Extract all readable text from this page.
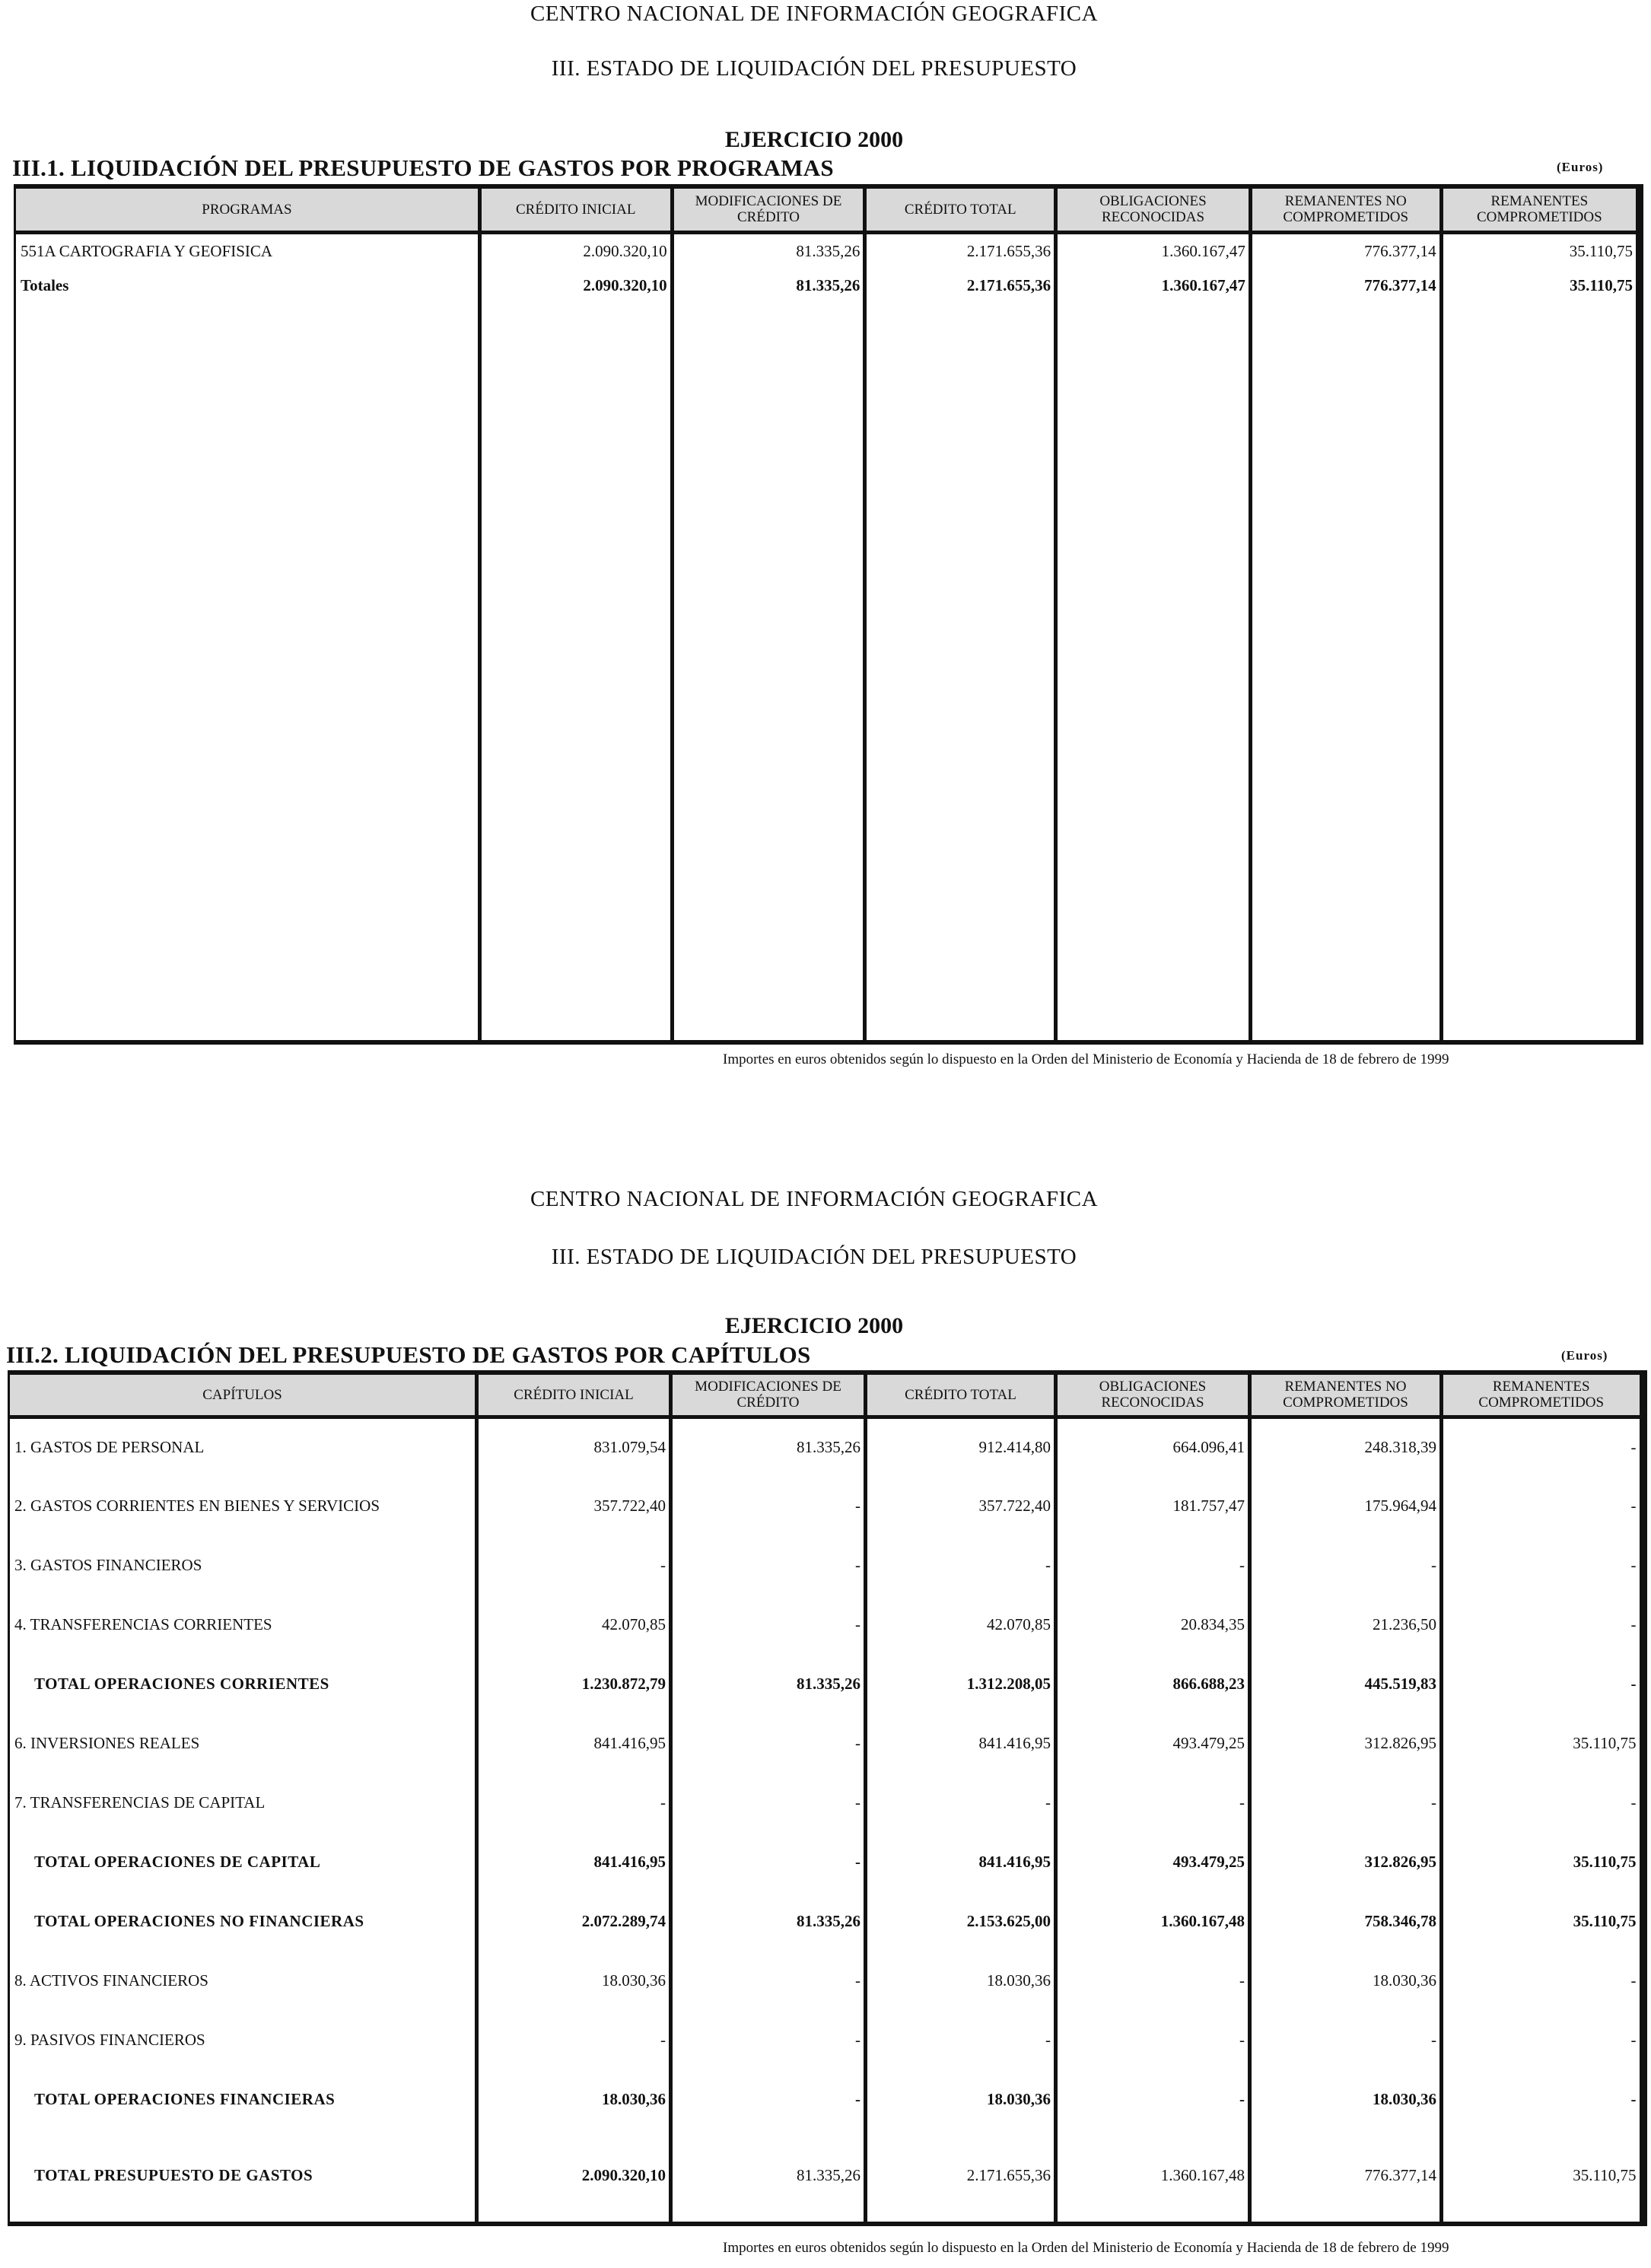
CENTRO NACIONAL DE INFORMACIÓN GEOGRAFICA
III. ESTADO DE LIQUIDACIÓN DEL PRESUPUESTO
EJERCICIO 2000
III.1. LIQUIDACIÓN DEL PRESUPUESTO DE GASTOS POR PROGRAMAS	(Euros)
PROGRAMAS	CRÉDITO INICIAL	MODIFICACIONES DE CRÉDITO	CRÉDITO TOTAL	OBLIGACIONES RECONOCIDAS	REMANENTES NO COMPROMETIDOS	REMANENTES COMPROMETIDOS
551A CARTOGRAFIA Y GEOFISICA	2.090.320,10	81.335,26	2.171.655,36	1.360.167,47	776.377,14	35.110,75
Totales	2.090.320,10	81.335,26	2.171.655,36	1.360.167,47	776.377,14	35.110,75

Importes en euros obtenidos según lo dispuesto en la Orden del Ministerio de Economía y Hacienda de 18 de febrero de 1999
CENTRO NACIONAL DE INFORMACIÓN GEOGRAFICA
III. ESTADO DE LIQUIDACIÓN DEL PRESUPUESTO
EJERCICIO 2000
III.2. LIQUIDACIÓN DEL PRESUPUESTO DE GASTOS POR CAPÍTULOS	(Euros)
CAPÍTULOS	CRÉDITO INICIAL	MODIFICACIONES DE CRÉDITO	CRÉDITO TOTAL	OBLIGACIONES RECONOCIDAS	REMANENTES NO COMPROMETIDOS	REMANENTES COMPROMETIDOS
1. GASTOS DE PERSONAL	831.079,54	81.335,26	912.414,80	664.096,41	248.318,39	-
2. GASTOS CORRIENTES EN BIENES Y SERVICIOS	357.722,40	-	357.722,40	181.757,47	175.964,94	-
3. GASTOS FINANCIEROS	-	-	-	-	-	-
4. TRANSFERENCIAS CORRIENTES	42.070,85	-	42.070,85	20.834,35	21.236,50	-
TOTAL OPERACIONES CORRIENTES	1.230.872,79	81.335,26	1.312.208,05	866.688,23	445.519,83	-
6. INVERSIONES REALES	841.416,95	-	841.416,95	493.479,25	312.826,95	35.110,75
7. TRANSFERENCIAS DE CAPITAL	-	-	-	-	-	-
TOTAL OPERACIONES DE CAPITAL	841.416,95	-	841.416,95	493.479,25	312.826,95	35.110,75
TOTAL OPERACIONES NO FINANCIERAS	2.072.289,74	81.335,26	2.153.625,00	1.360.167,48	758.346,78	35.110,75
8. ACTIVOS FINANCIEROS	18.030,36	-	18.030,36	-	18.030,36	-
9. PASIVOS FINANCIEROS	-	-	-	-	-	-
TOTAL OPERACIONES FINANCIERAS	18.030,36	-	18.030,36	-	18.030,36	-
TOTAL PRESUPUESTO DE GASTOS	2.090.320,10	81.335,26	2.171.655,36	1.360.167,48	776.377,14	35.110,75
Importes en euros obtenidos según lo dispuesto en la Orden del Ministerio de Economía y Hacienda de 18 de febrero de 1999
